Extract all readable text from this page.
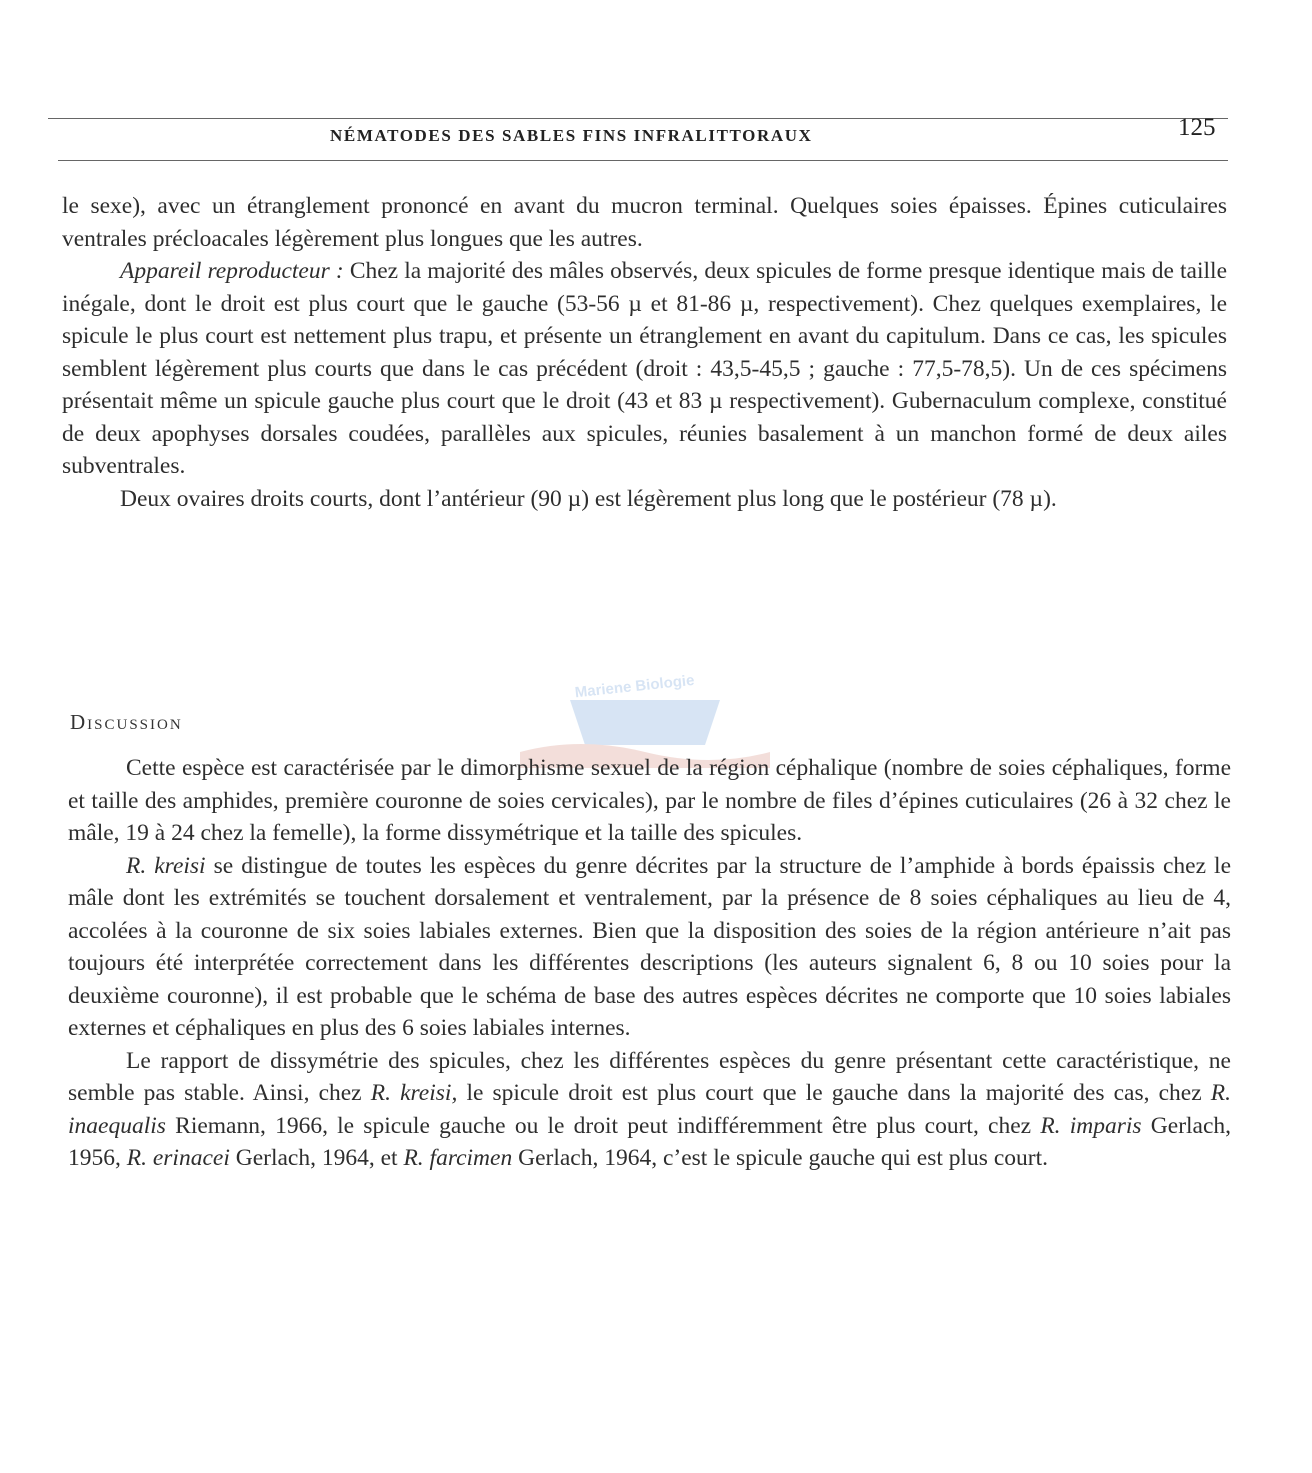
NÉMATODES DES SABLES FINS INFRALITTORAUX	125

le sexe), avec un étranglement prononcé en avant du mucron terminal. Quelques soies épaisses. Épines cuticulaires ventrales précloacales légèrement plus longues que les autres.

Appareil reproducteur : Chez la majorité des mâles observés, deux spicules de forme presque identique mais de taille inégale, dont le droit est plus court que le gauche (53-56 µ et 81-86 µ, respectivement). Chez quelques exemplaires, le spicule le plus court est nettement plus trapu, et présente un étranglement en avant du capitulum. Dans ce cas, les spicules semblent légèrement plus courts que dans le cas précédent (droit : 43,5-45,5 ; gauche : 77,5-78,5). Un de ces spécimens présentait même un spicule gauche plus court que le droit (43 et 83 µ respectivement). Gubernaculum complexe, constitué de deux apophyses dorsales coudées, parallèles aux spicules, réunies basalement à un manchon formé de deux ailes subventrales.

Deux ovaires droits courts, dont l’antérieur (90 µ) est légèrement plus long que le postérieur (78 µ).

Mariene Biologie
Discussion

Cette espèce est caractérisée par le dimorphisme sexuel de la région céphalique (nombre de soies céphaliques, forme et taille des amphides, première couronne de soies cervicales), par le nombre de files d’épines cuticulaires (26 à 32 chez le mâle, 19 à 24 chez la femelle), la forme dissymétrique et la taille des spicules.

R. kreisi se distingue de toutes les espèces du genre décrites par la structure de l’amphide à bords épaissis chez le mâle dont les extrémités se touchent dorsalement et ventralement, par la présence de 8 soies céphaliques au lieu de 4, accolées à la couronne de six soies labiales externes. Bien que la disposition des soies de la région antérieure n’ait pas toujours été interprétée correctement dans les différentes descriptions (les auteurs signalent 6, 8 ou 10 soies pour la deuxième couronne), il est probable que le schéma de base des autres espèces décrites ne comporte que 10 soies labiales externes et céphaliques en plus des 6 soies labiales internes.

Le rapport de dissymétrie des spicules, chez les différentes espèces du genre présentant cette caractéristique, ne semble pas stable. Ainsi, chez R. kreisi, le spicule droit est plus court que le gauche dans la majorité des cas, chez R. inaequalis Riemann, 1966, le spicule gauche ou le droit peut indifféremment être plus court, chez R. imparis Gerlach, 1956, R. erinacei Gerlach, 1964, et R. farcimen Gerlach, 1964, c’est le spicule gauche qui est plus court.
